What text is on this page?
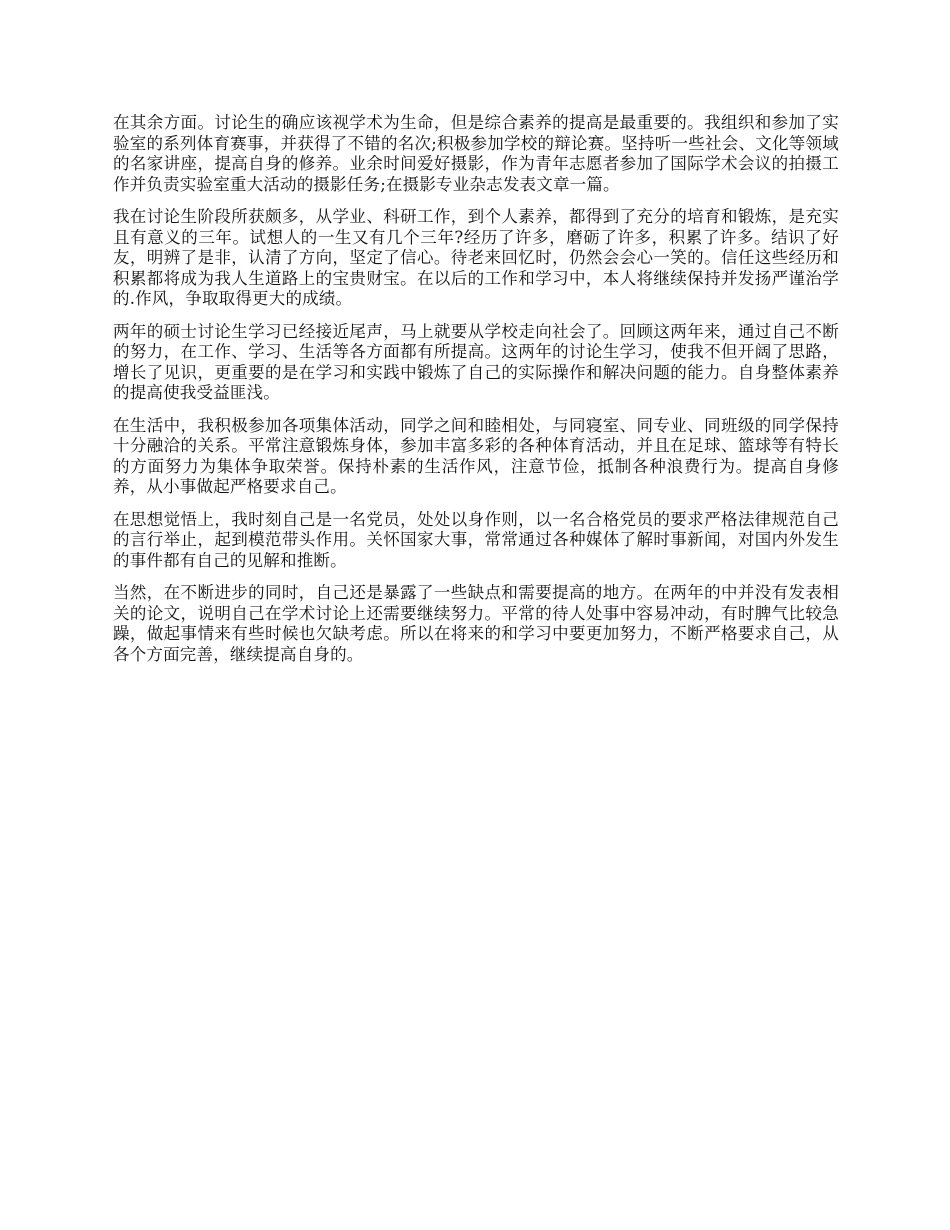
在其余方面。讨论生的确应该视学术为生命，但是综合素养的提高是最重要的。我组织和参加了实验室的系列体育赛事，并获得了不错的名次;积极参加学校的辩论赛。坚持听一些社会、文化等领域的名家讲座，提高自身的修养。业余时间爱好摄影，作为青年志愿者参加了国际学术会议的拍摄工作并负责实验室重大活动的摄影任务;在摄影专业杂志发表文章一篇。

我在讨论生阶段所获颇多，从学业、科研工作，到个人素养，都得到了充分的培育和锻炼，是充实且有意义的三年。试想人的一生又有几个三年?经历了许多，磨砺了许多，积累了许多。结识了好友，明辨了是非，认清了方向，坚定了信心。待老来回忆时，仍然会会心一笑的。信任这些经历和积累都将成为我人生道路上的宝贵财宝。在以后的工作和学习中，本人将继续保持并发扬严谨治学的.作风，争取取得更大的成绩。

两年的硕士讨论生学习已经接近尾声，马上就要从学校走向社会了。回顾这两年来，通过自己不断的努力，在工作、学习、生活等各方面都有所提高。这两年的讨论生学习，使我不但开阔了思路，增长了见识，更重要的是在学习和实践中锻炼了自己的实际操作和解决问题的能力。自身整体素养的提高使我受益匪浅。

在生活中，我积极参加各项集体活动，同学之间和睦相处，与同寝室、同专业、同班级的同学保持十分融洽的关系。平常注意锻炼身体，参加丰富多彩的各种体育活动，并且在足球、篮球等有特长的方面努力为集体争取荣誉。保持朴素的生活作风，注意节俭，抵制各种浪费行为。提高自身修养，从小事做起严格要求自己。

在思想觉悟上，我时刻自己是一名党员，处处以身作则，以一名合格党员的要求严格法律规范自己的言行举止，起到模范带头作用。关怀国家大事，常常通过各种媒体了解时事新闻，对国内外发生的事件都有自己的见解和推断。

当然，在不断进步的同时，自己还是暴露了一些缺点和需要提高的地方。在两年的中并没有发表相关的论文，说明自己在学术讨论上还需要继续努力。平常的待人处事中容易冲动，有时脾气比较急躁，做起事情来有些时候也欠缺考虑。所以在将来的和学习中要更加努力，不断严格要求自己，从各个方面完善，继续提高自身的。
